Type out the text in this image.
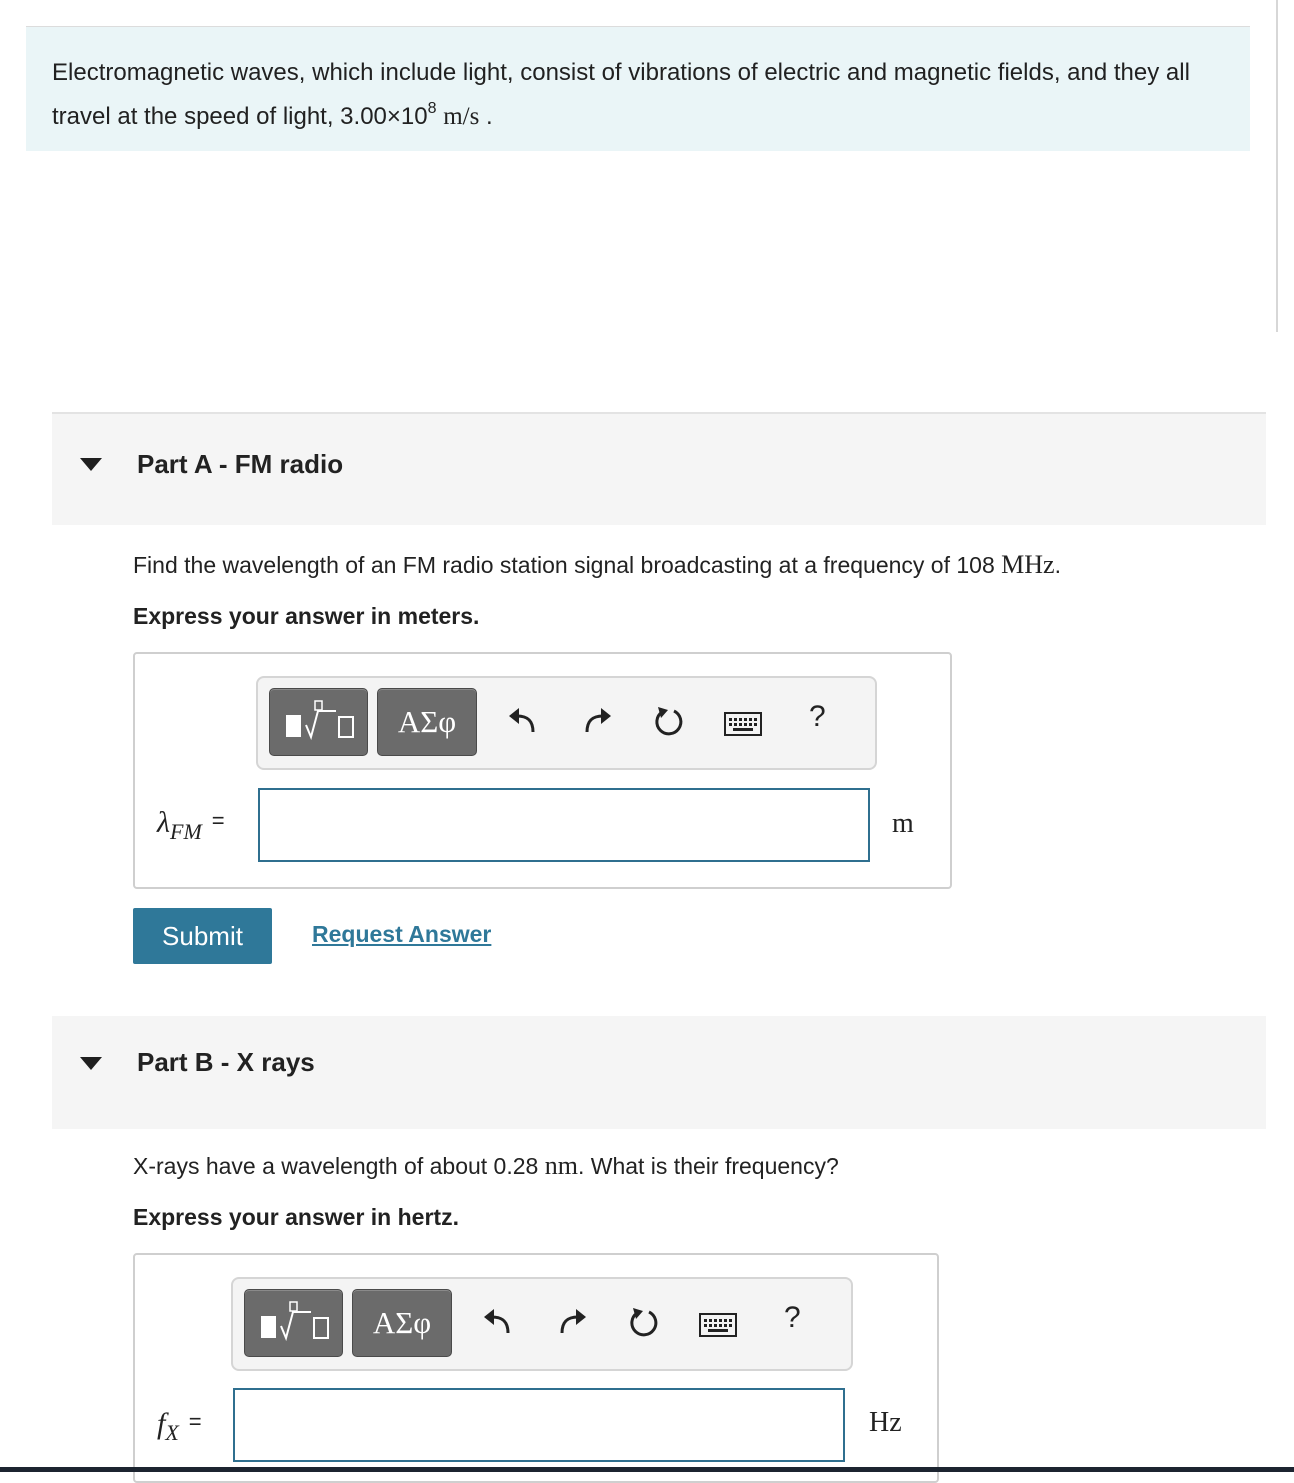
Electromagnetic waves, which include light, consist of vibrations of electric and magnetic fields, and they all travel at the speed of light, $3.00\times 10^8$ m/s .
Part A - FM radio
Find the wavelength of an FM radio station signal broadcasting at a frequency of 108 MHz.
Express your answer in meters.
ΑΣφ	?
$\lambda_{FM}$ =	m
Submit	Request Answer
Part B - X rays
X-rays have a wavelength of about 0.28 nm. What is their frequency?
Express your answer in hertz.
ΑΣφ	?
$f_X$ =	Hz
